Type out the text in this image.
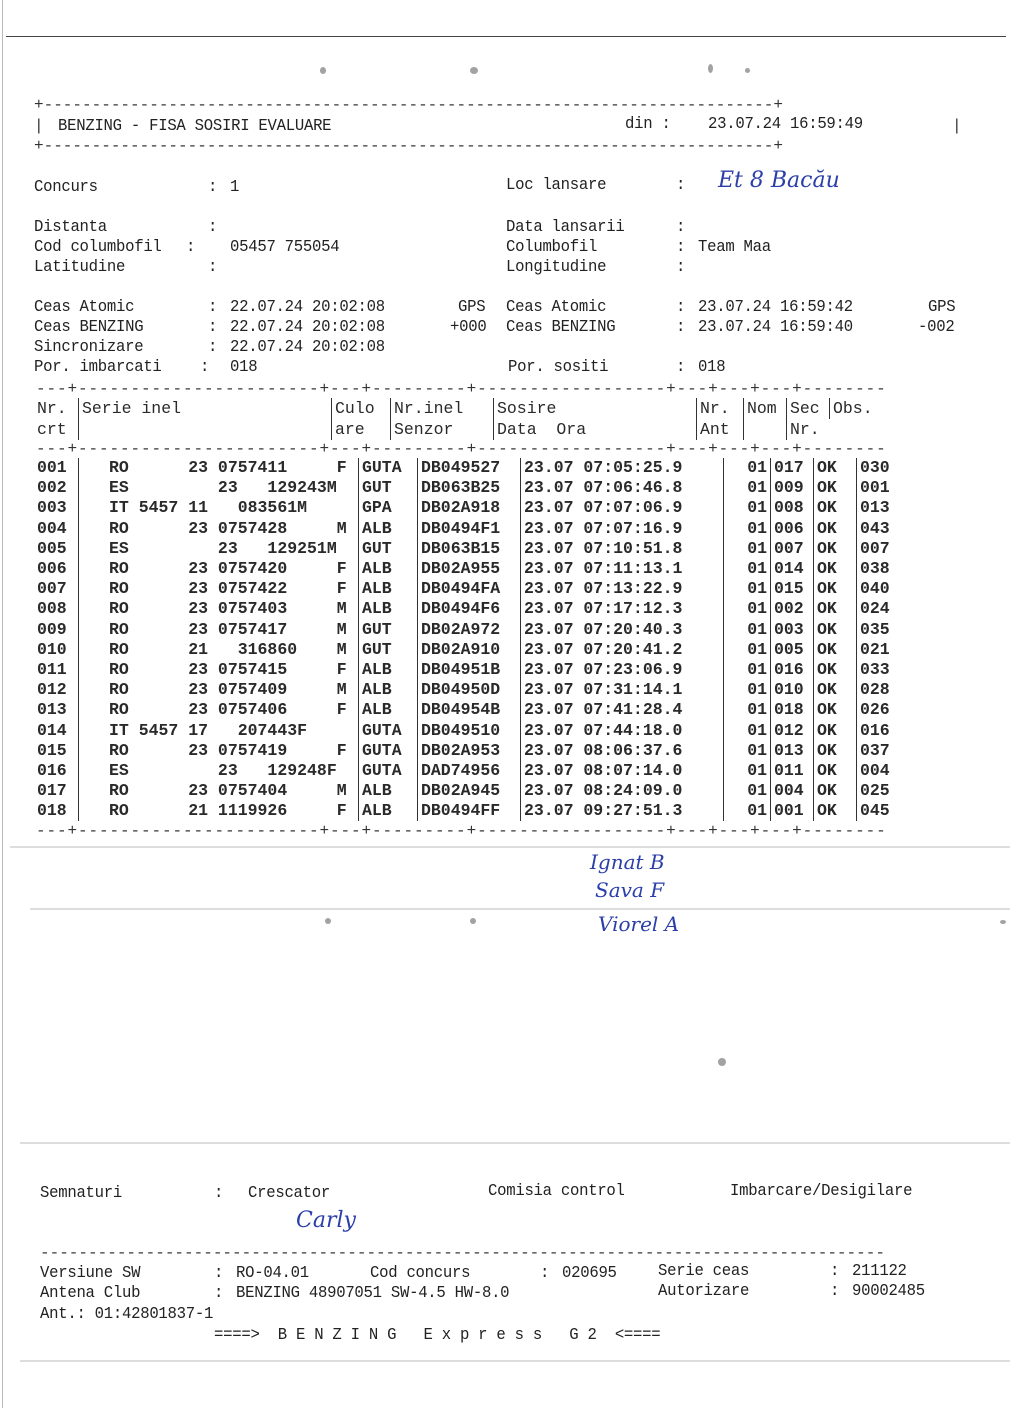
+----------------------------------------------------------------------------+
|	|
+----------------------------------------------------------------------------+
BENZING - FISA SOSIRI EVALUARE	din : 23.07.24 16:59:49
Concurs	: 1	Loc lansare	: Et 8 Bacău
Distanta	:	Data lansarii	:
Cod columbofil : 05457 755054	Columbofil	: Team Maa
Latitudine	:	Longitudine	:
Ceas Atomic	: 22.07.24 20:02:08	GPS Ceas Atomic	: 23.07.24 16:59:42	GPS
Ceas BENZING	: 22.07.24 20:02:08	+000 Ceas BENZING	: 23.07.24 16:59:40	-002
Sincronizare	: 22.07.24 20:02:08
Por. imbarcati : 018	Por. sositi	: 018
---+-----------------------+---+---------+------------------+---+---+---+--------
---+-----------------------+---+---------+------------------+---+---+---+--------
---+-----------------------+---+---------+------------------+---+---+---+--------
Nr.	Serie inel	Culo	Nr.inel	Sosire	Nr.	Nom	Sec	Obs.
crt		are	Senzor	Data  Ora	Ant		Nr.	
001	RO      23 0757411     F	GUTA	DB049527	23.07 07:05:25.9	01	017	OK	030
002	ES         23   129243M	GUT	DB063B25	23.07 07:06:46.8	01	009	OK	001
003	IT 5457 11   083561M	GPA	DB02A918	23.07 07:07:06.9	01	008	OK	013
004	RO      23 0757428     M	ALB	DB0494F1	23.07 07:07:16.9	01	006	OK	043
005	ES         23   129251M	GUT	DB063B15	23.07 07:10:51.8	01	007	OK	007
006	RO      23 0757420     F	ALB	DB02A955	23.07 07:11:13.1	01	014	OK	038
007	RO      23 0757422     F	ALB	DB0494FA	23.07 07:13:22.9	01	015	OK	040
008	RO      23 0757403     M	ALB	DB0494F6	23.07 07:17:12.3	01	002	OK	024
009	RO      23 0757417     M	GUT	DB02A972	23.07 07:20:40.3	01	003	OK	035
010	RO      21   316860    M	GUT	DB02A910	23.07 07:20:41.2	01	005	OK	021
011	RO      23 0757415     F	ALB	DB04951B	23.07 07:23:06.9	01	016	OK	033
012	RO      23 0757409     M	ALB	DB04950D	23.07 07:31:14.1	01	010	OK	028
013	RO      23 0757406     F	ALB	DB04954B	23.07 07:41:28.4	01	018	OK	026
014	IT 5457 17   207443F	GUTA	DB049510	23.07 07:44:18.0	01	012	OK	016
015	RO      23 0757419     F	GUTA	DB02A953	23.07 08:06:37.6	01	013	OK	037
016	ES         23   129248F	GUTA	DAD74956	23.07 08:07:14.0	01	011	OK	004
017	RO      23 0757404     M	ALB	DB02A945	23.07 08:24:09.0	01	004	OK	025
018	RO      21 1119926     F	ALB	DB0494FF	23.07 09:27:51.3	01	001	OK	045
Ignat B
Sava F
Viorel A
Semnaturi	: Crescator	Comisia control	Imbarcare/Desigilare
Carly
----------------------------------------------------------------------------------------
Versiune SW	: RO-04.01	Cod concurs	: 020695 Serie ceas	: 211122
Antena Club	: BENZING 48907051 SW-4.5 HW-8.0	Autorizare	: 90002485
Ant.: 01:42801837-1
====>  B E N Z I N G   E x p r e s s   G 2  <====
